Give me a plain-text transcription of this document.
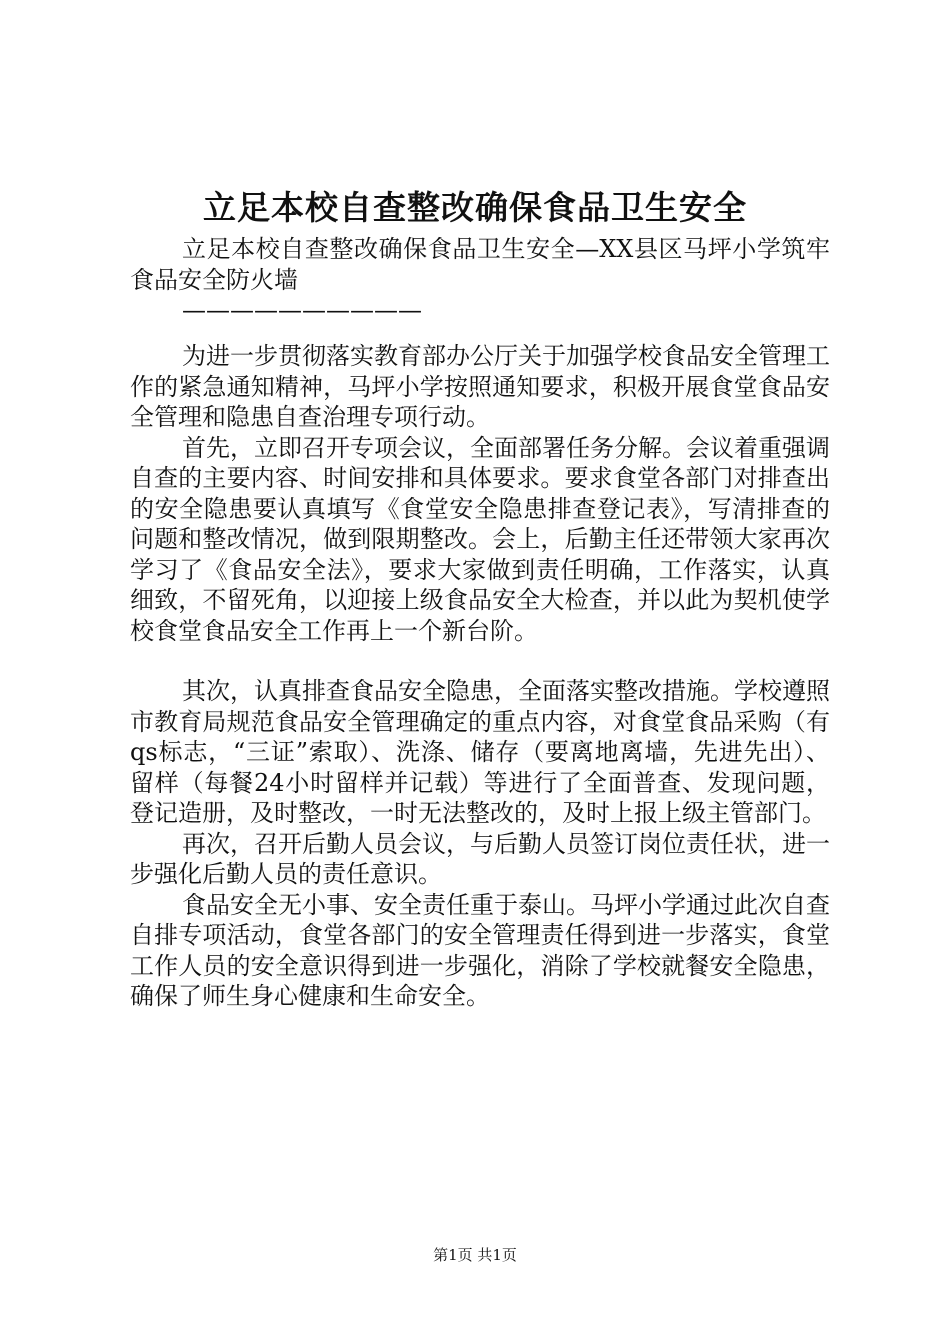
立足本校自查整改确保食品卫生安全

立足本校自查整改确保食品卫生安全—XX县区马坪小学筑牢食品安全防火墙

——————————

为进一步贯彻落实教育部办公厅关于加强学校食品安全管理工作的紧急通知精神，马坪小学按照通知要求，积极开展食堂食品安全管理和隐患自查治理专项行动。

首先，立即召开专项会议，全面部署任务分解。会议着重强调自查的主要内容、时间安排和具体要求。要求食堂各部门对排查出的安全隐患要认真填写《食堂安全隐患排查登记表》，写清排查的问题和整改情况，做到限期整改。会上，后勤主任还带领大家再次学习了《食品安全法》，要求大家做到责任明确，工作落实，认真细致，不留死角，以迎接上级食品安全大检查，并以此为契机使学校食堂食品安全工作再上一个新台阶。

其次，认真排查食品安全隐患，全面落实整改措施。学校遵照市教育局规范食品安全管理确定的重点内容，对食堂食品采购（有qs标志，“三证”索取）、洗涤、储存（要离地离墙，先进先出）、留样（每餐24小时留样并记载）等进行了全面普查、发现问题，登记造册，及时整改，一时无法整改的，及时上报上级主管部门。

再次，召开后勤人员会议，与后勤人员签订岗位责任状，进一步强化后勤人员的责任意识。

食品安全无小事、安全责任重于泰山。马坪小学通过此次自查自排专项活动，食堂各部门的安全管理责任得到进一步落实，食堂工作人员的安全意识得到进一步强化，消除了学校就餐安全隐患，确保了师生身心健康和生命安全。

第1页 共1页
